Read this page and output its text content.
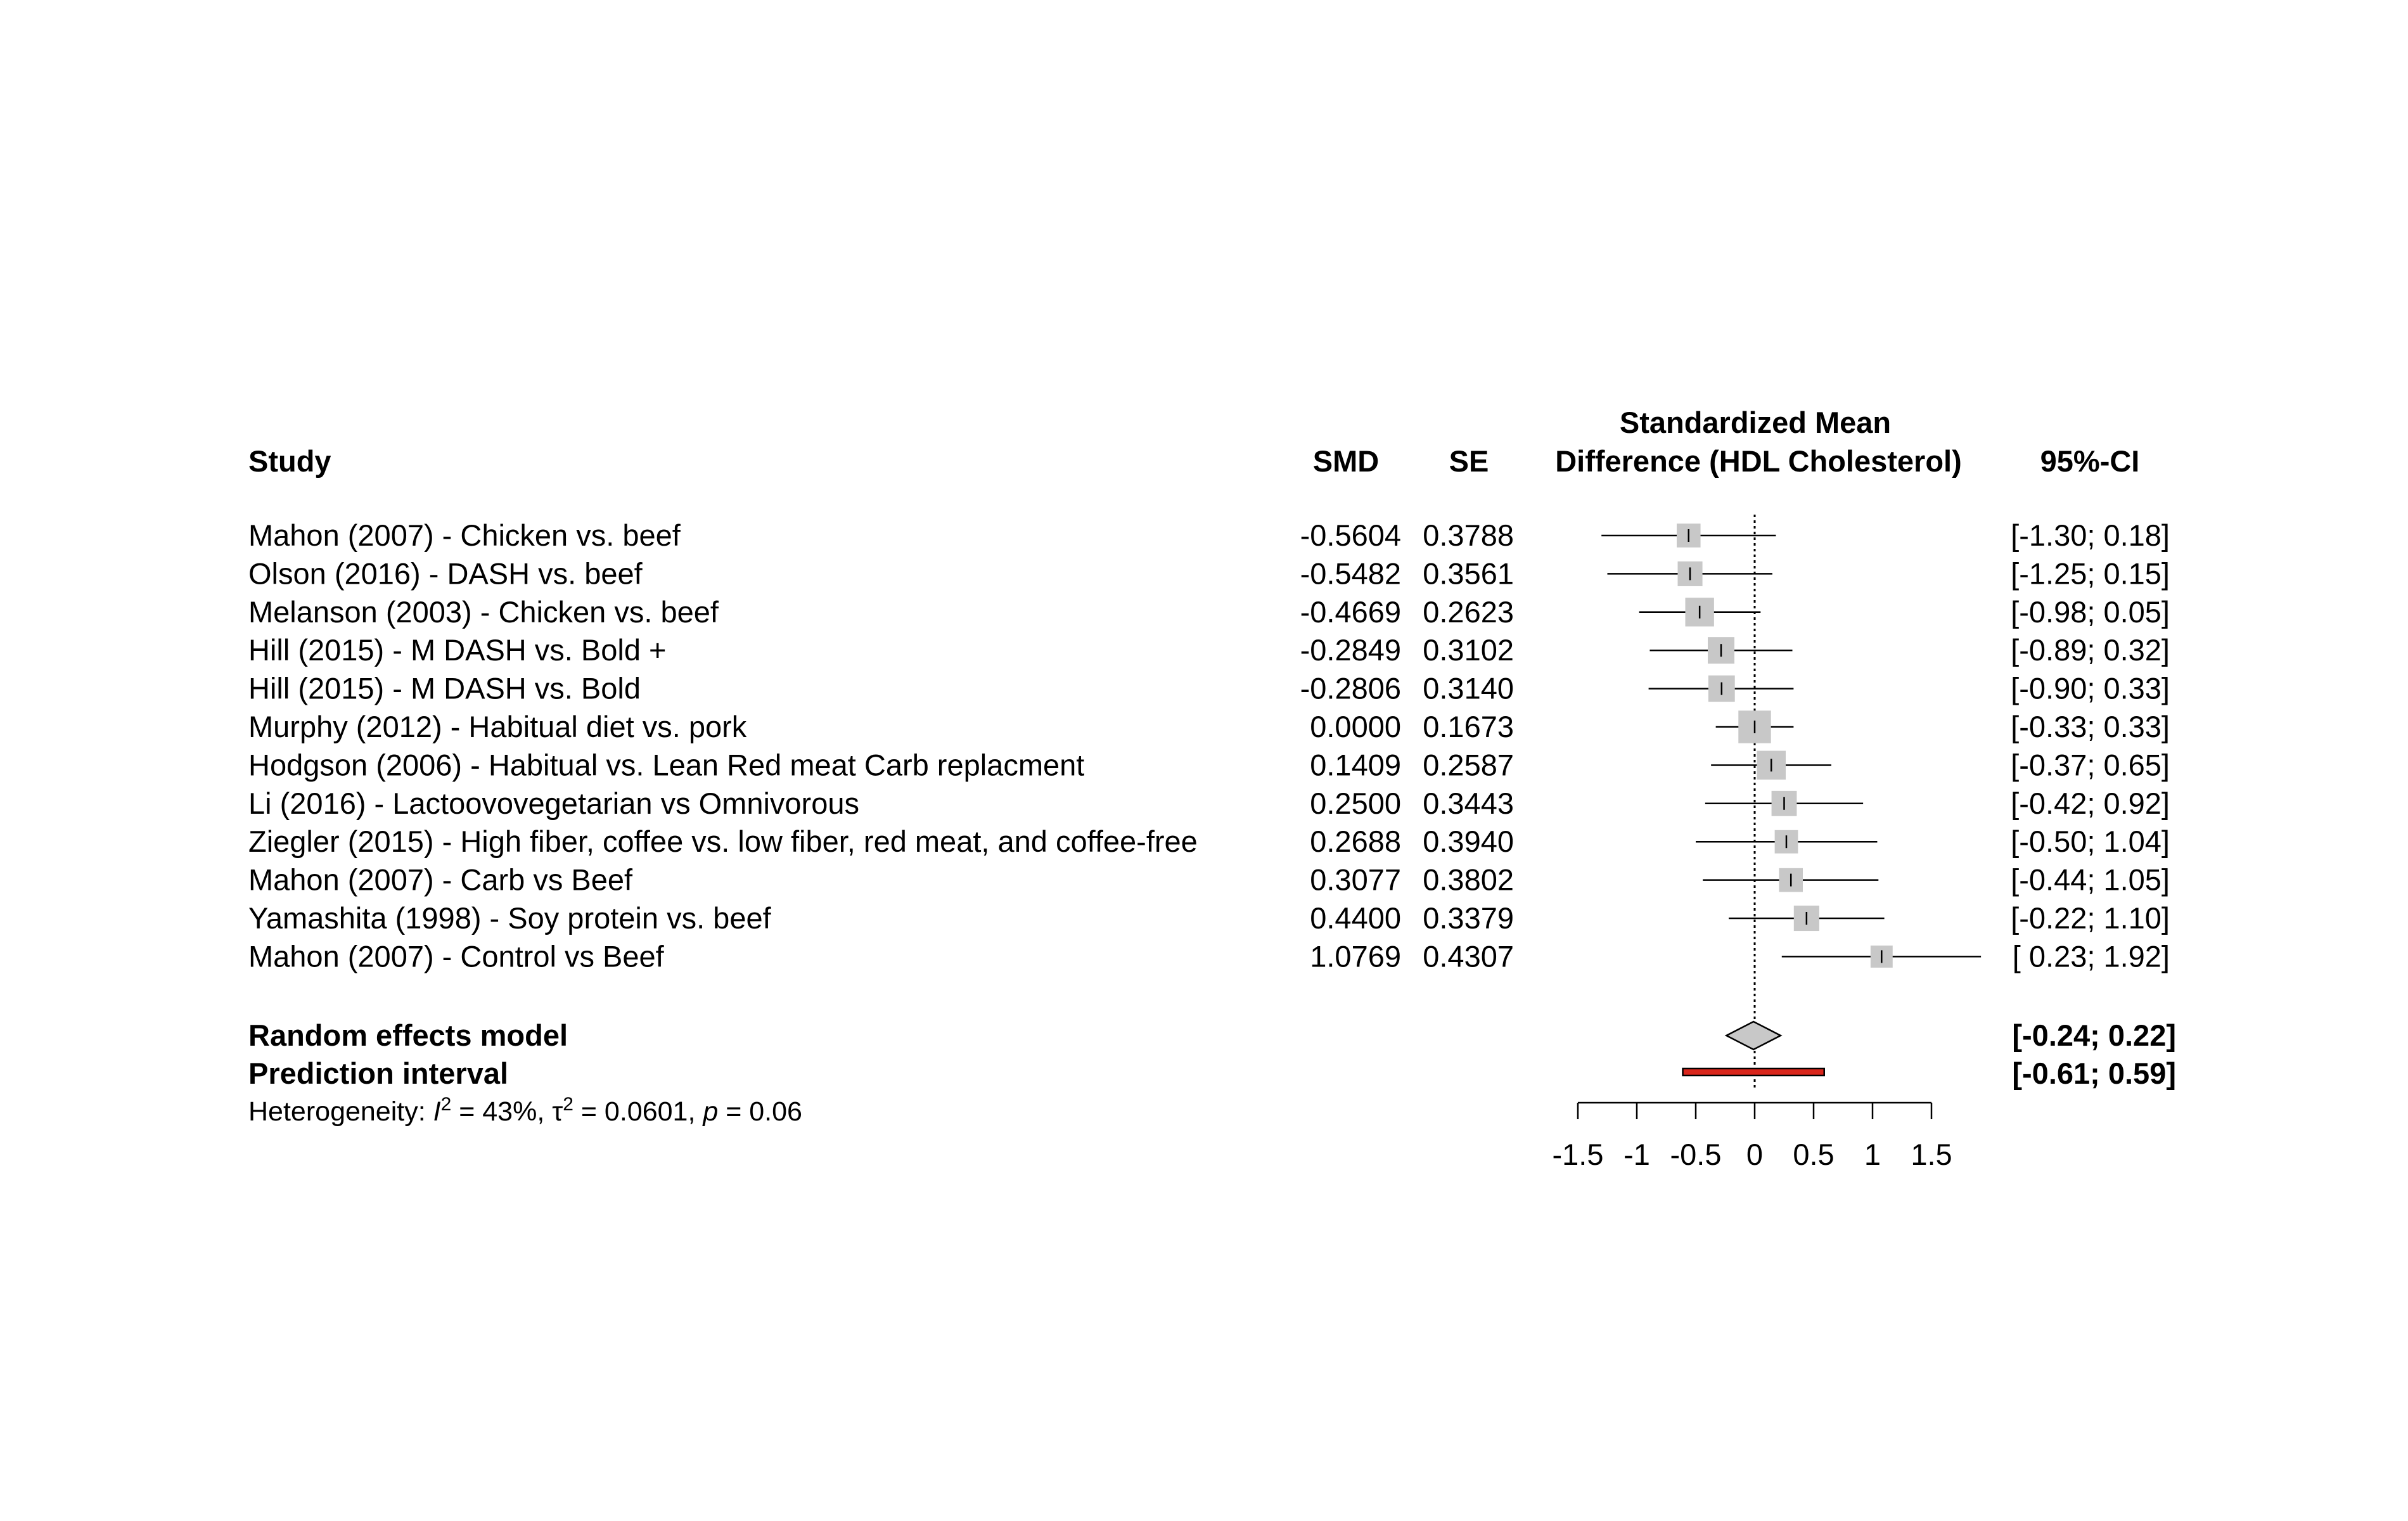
Study	SMD SE
Standardized Mean
Difference (HDL Cholesterol)	95%-CI
Mahon (2007) - Chicken vs. beef	-0.5604 0.3788	[-1.30; 0.18]
Olson (2016) - DASH vs. beef	-0.5482 0.3561	[-1.25; 0.15]
Melanson (2003) - Chicken vs. beef	-0.4669 0.2623	[-0.98; 0.05]
Hill (2015) - M DASH vs. Bold +	-0.2849 0.3102	[-0.89; 0.32]
Hill (2015) - M DASH vs. Bold	-0.2806 0.3140	[-0.90; 0.33]
Murphy (2012) - Habitual diet vs. pork	0.0000 0.1673	[-0.33; 0.33]
Hodgson (2006) - Habitual vs. Lean Red meat Carb replacment	0.1409 0.2587	[-0.37; 0.65]
Li (2016) - Lactoovovegetarian vs Omnivorous	0.2500 0.3443	[-0.42; 0.92]
Ziegler (2015) - High fiber, coffee vs. low fiber, red meat, and coffee-free	0.2688 0.3940	[-0.50; 1.04]
Mahon (2007) - Carb vs Beef	0.3077 0.3802	[-0.44; 1.05]
Yamashita (1998) - Soy protein vs. beef	0.4400 0.3379	[-0.22; 1.10]
Mahon (2007) - Control vs Beef	1.0769 0.4307	[ 0.23; 1.92]
Random effects model	[-0.24; 0.22]
Prediction interval	[-0.61; 0.59]
Heterogeneity: $I^2 = 43\%$, $\tau^2 = 0.0601$, p = 0.06
-1.5 -1 -0.5 0 0.5 1 1.5
